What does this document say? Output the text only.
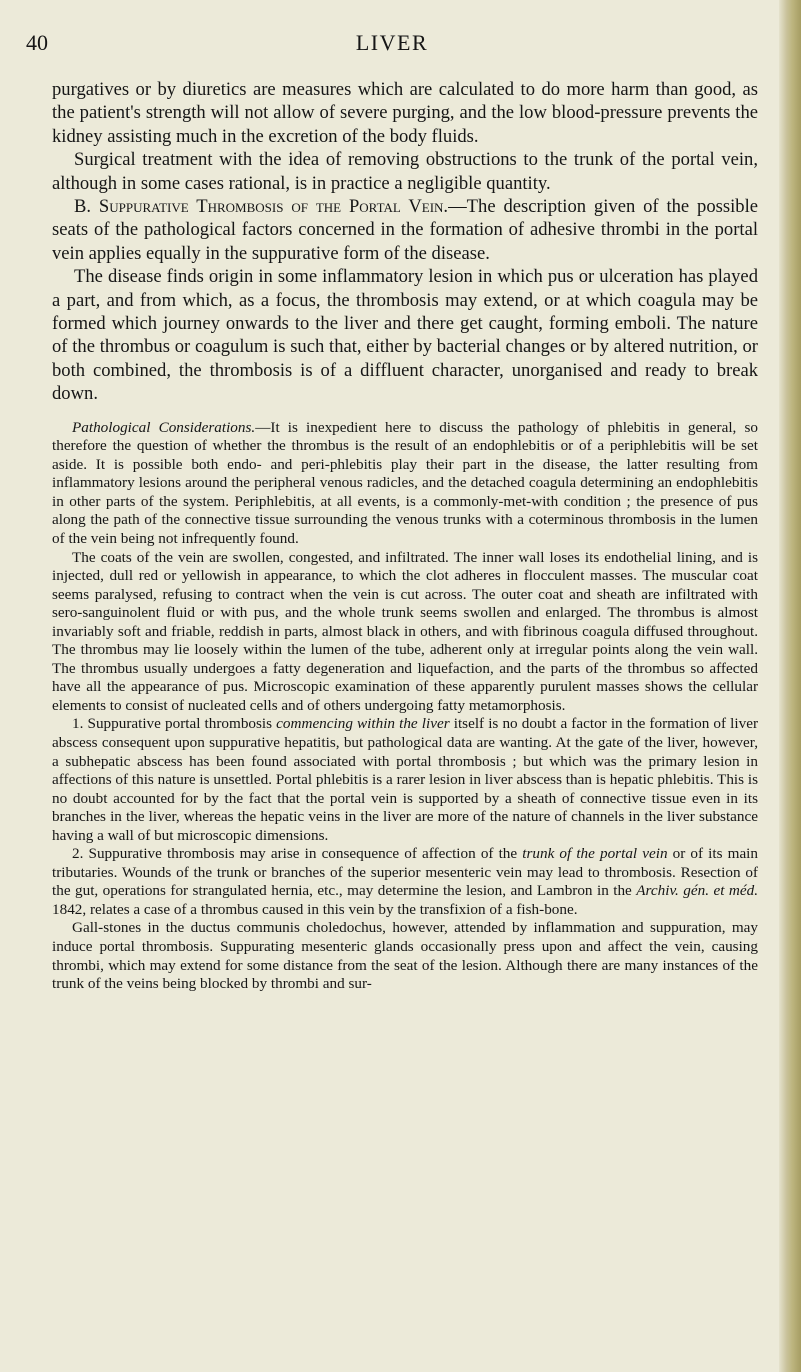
40	LIVER

purgatives or by diuretics are measures which are calculated to do more harm than good, as the patient's strength will not allow of severe purging, and the low blood-pressure prevents the kidney assisting much in the excretion of the body fluids.

Surgical treatment with the idea of removing obstructions to the trunk of the portal vein, although in some cases rational, is in practice a negligible quantity.

B. Suppurative Thrombosis of the Portal Vein.—The description given of the possible seats of the pathological factors concerned in the formation of adhesive thrombi in the portal vein applies equally in the suppurative form of the disease.

The disease finds origin in some inflammatory lesion in which pus or ulceration has played a part, and from which, as a focus, the thrombosis may extend, or at which coagula may be formed which journey onwards to the liver and there get caught, forming emboli. The nature of the thrombus or coagulum is such that, either by bacterial changes or by altered nutrition, or both combined, the thrombosis is of a diffluent character, unorganised and ready to break down.

Pathological Considerations.—It is inexpedient here to discuss the pathology of phlebitis in general, so therefore the question of whether the thrombus is the result of an endophlebitis or of a periphlebitis will be set aside. It is possible both endo- and peri-phlebitis play their part in the disease, the latter resulting from inflammatory lesions around the peripheral venous radicles, and the detached coagula determining an endophlebitis in other parts of the system. Periphlebitis, at all events, is a commonly-met-with condition ; the presence of pus along the path of the connective tissue surrounding the venous trunks with a coterminous thrombosis in the lumen of the vein being not infrequently found.

The coats of the vein are swollen, congested, and infiltrated. The inner wall loses its endothelial lining, and is injected, dull red or yellowish in appearance, to which the clot adheres in flocculent masses. The muscular coat seems paralysed, refusing to contract when the vein is cut across. The outer coat and sheath are infiltrated with sero-sanguinolent fluid or with pus, and the whole trunk seems swollen and enlarged. The thrombus is almost invariably soft and friable, reddish in parts, almost black in others, and with fibrinous coagula diffused throughout. The thrombus may lie loosely within the lumen of the tube, adherent only at irregular points along the vein wall. The thrombus usually undergoes a fatty degeneration and liquefaction, and the parts of the thrombus so affected have all the appearance of pus. Microscopic examination of these apparently purulent masses shows the cellular elements to consist of nucleated cells and of others undergoing fatty metamorphosis.

1. Suppurative portal thrombosis commencing within the liver itself is no doubt a factor in the formation of liver abscess consequent upon suppurative hepatitis, but pathological data are wanting. At the gate of the liver, however, a subhepatic abscess has been found associated with portal thrombosis ; but which was the primary lesion in affections of this nature is unsettled. Portal phlebitis is a rarer lesion in liver abscess than is hepatic phlebitis. This is no doubt accounted for by the fact that the portal vein is supported by a sheath of connective tissue even in its branches in the liver, whereas the hepatic veins in the liver are more of the nature of channels in the liver substance having a wall of but microscopic dimensions.

2. Suppurative thrombosis may arise in consequence of affection of the trunk of the portal vein or of its main tributaries. Wounds of the trunk or branches of the superior mesenteric vein may lead to thrombosis. Resection of the gut, operations for strangulated hernia, etc., may determine the lesion, and Lambron in the Archiv. gén. et méd. 1842, relates a case of a thrombus caused in this vein by the transfixion of a fish-bone.

Gall-stones in the ductus communis choledochus, however, attended by inflammation and suppuration, may induce portal thrombosis. Suppurating mesenteric glands occasionally press upon and affect the vein, causing thrombi, which may extend for some distance from the seat of the lesion. Although there are many instances of the trunk of the veins being blocked by thrombi and sur-
